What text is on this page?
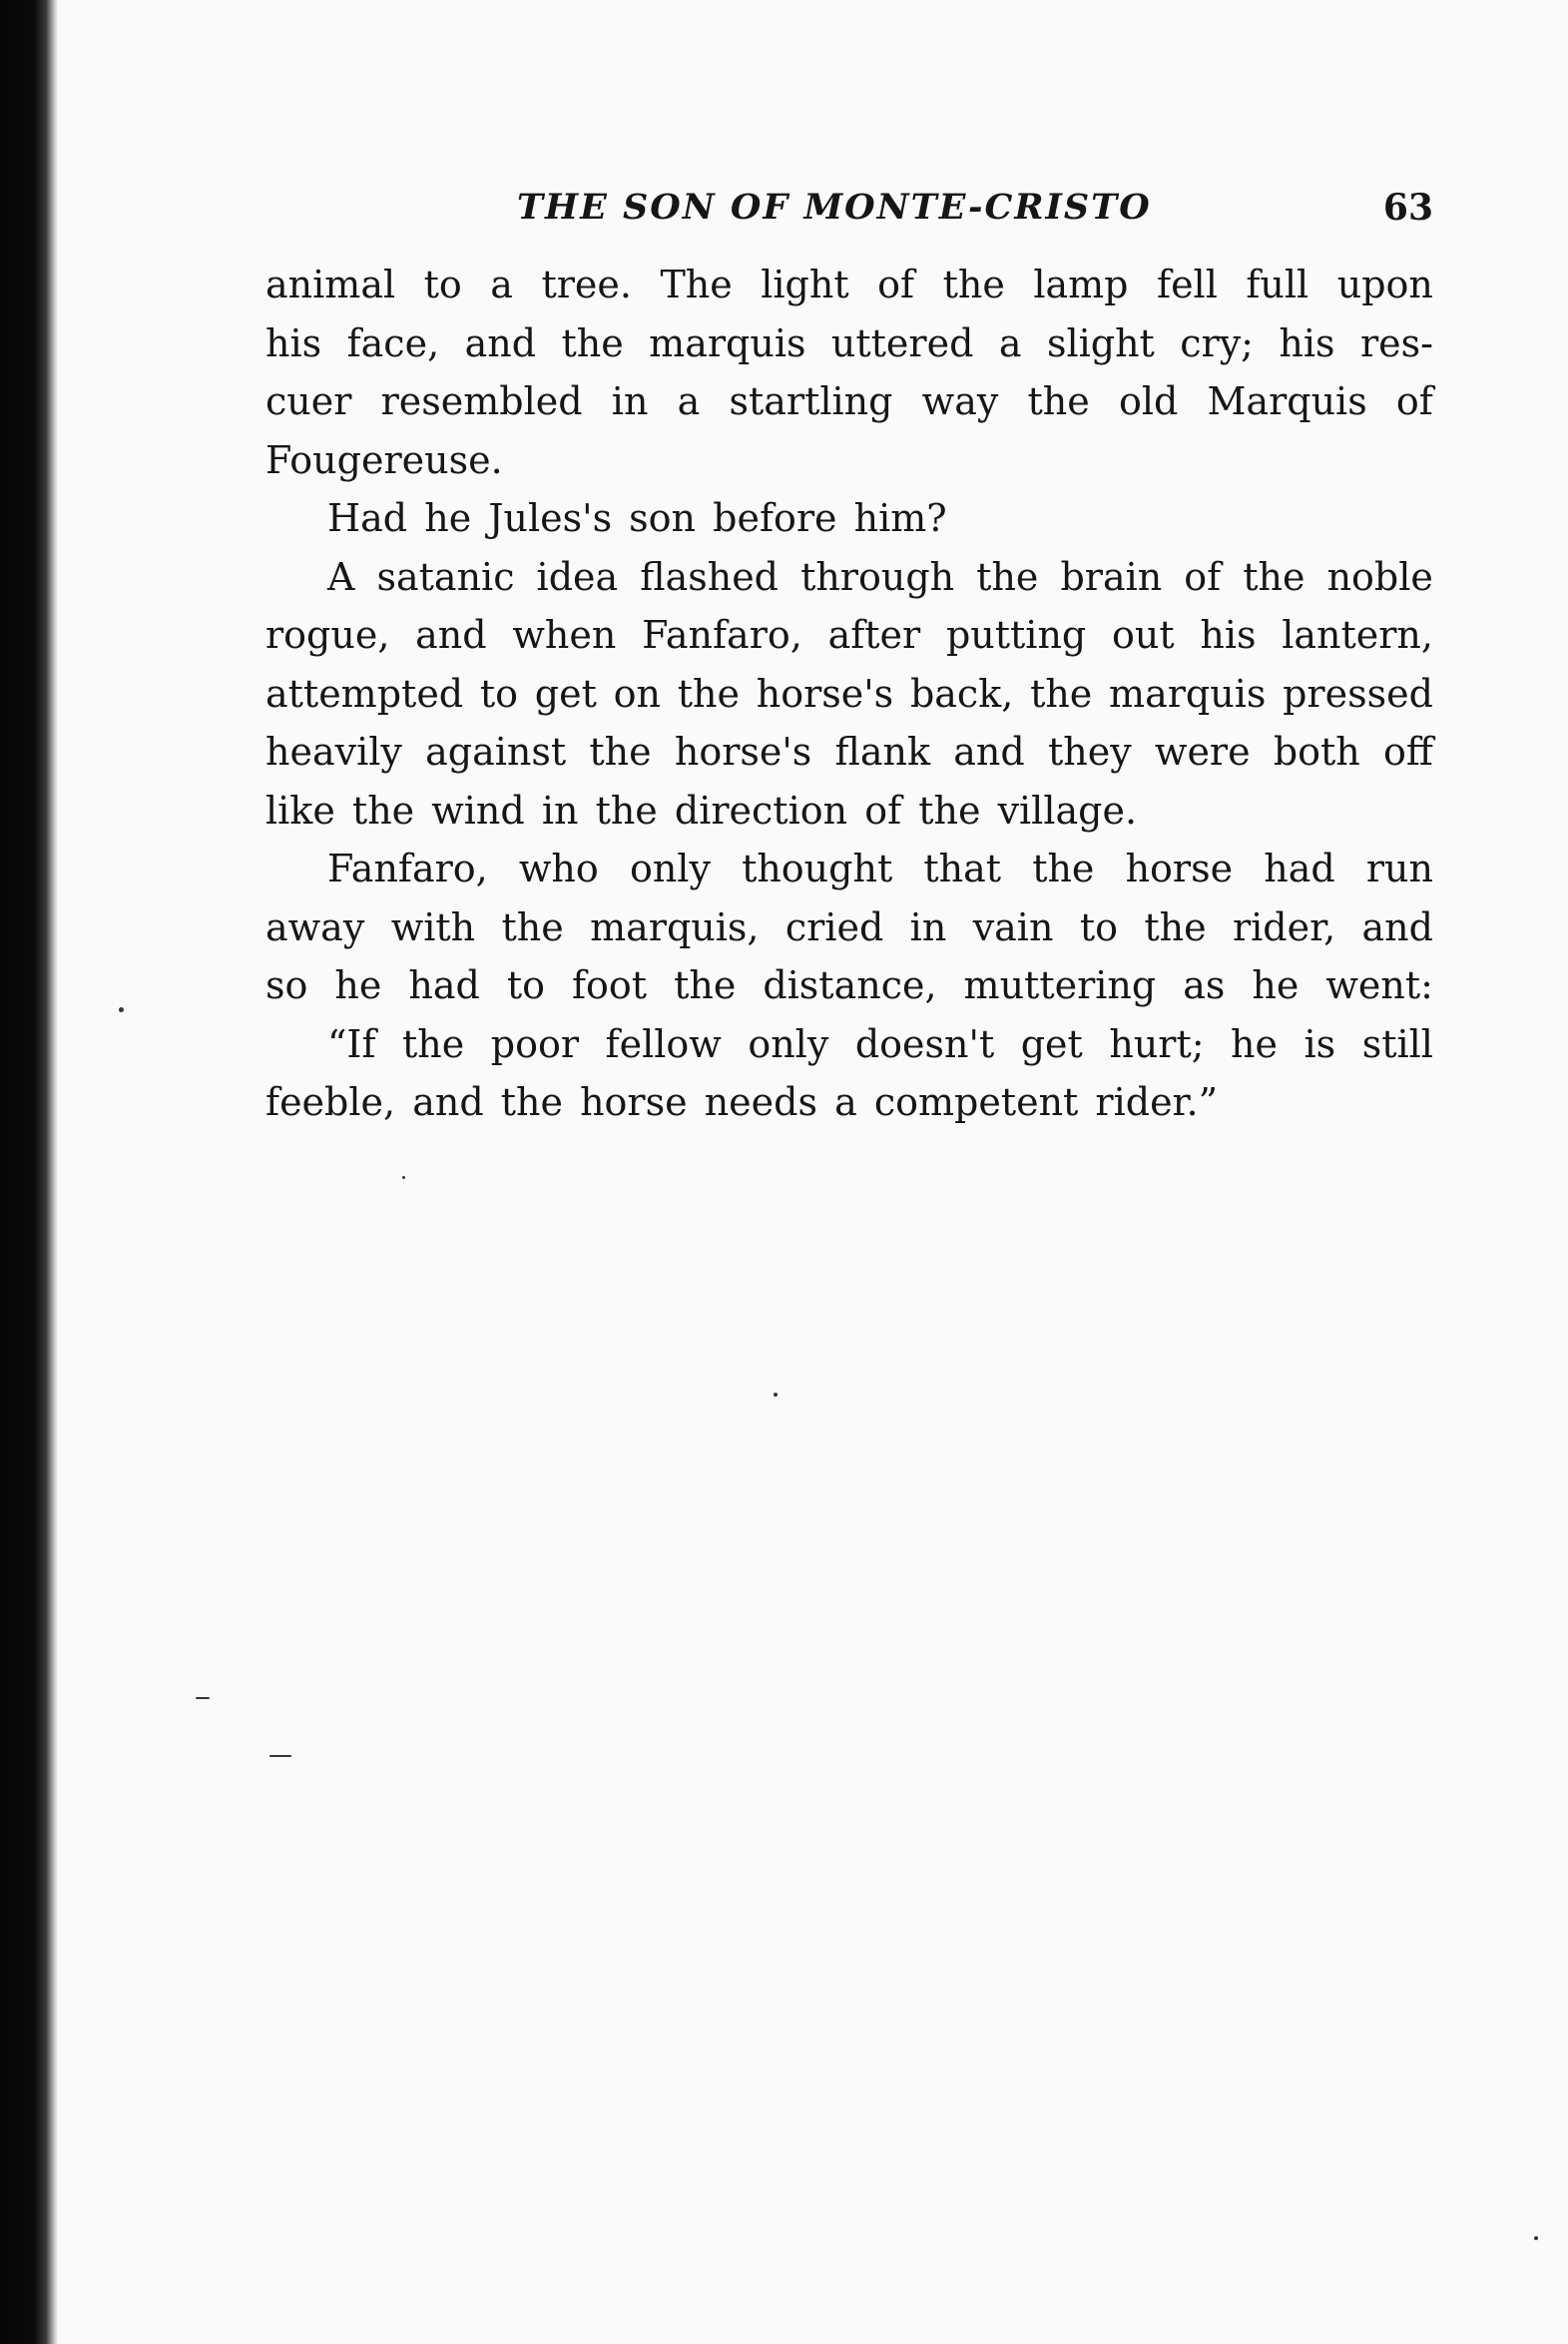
THE SON OF MONTE-CRISTO	63
animal to a tree. The light of the lamp fell full upon
his face, and the marquis uttered a slight cry; his res-
cuer resembled in a startling way the old Marquis of
Fougereuse.
Had he Jules's son before him?
A satanic idea flashed through the brain of the noble
rogue, and when Fanfaro, after putting out his lantern,
attempted to get on the horse's back, the marquis pressed
heavily against the horse's flank and they were both off
like the wind in the direction of the village.
Fanfaro, who only thought that the horse had run
away with the marquis, cried in vain to the rider, and
so he had to foot the distance, muttering as he went:
“If the poor fellow only doesn't get hurt; he is still
feeble, and the horse needs a competent rider.”
